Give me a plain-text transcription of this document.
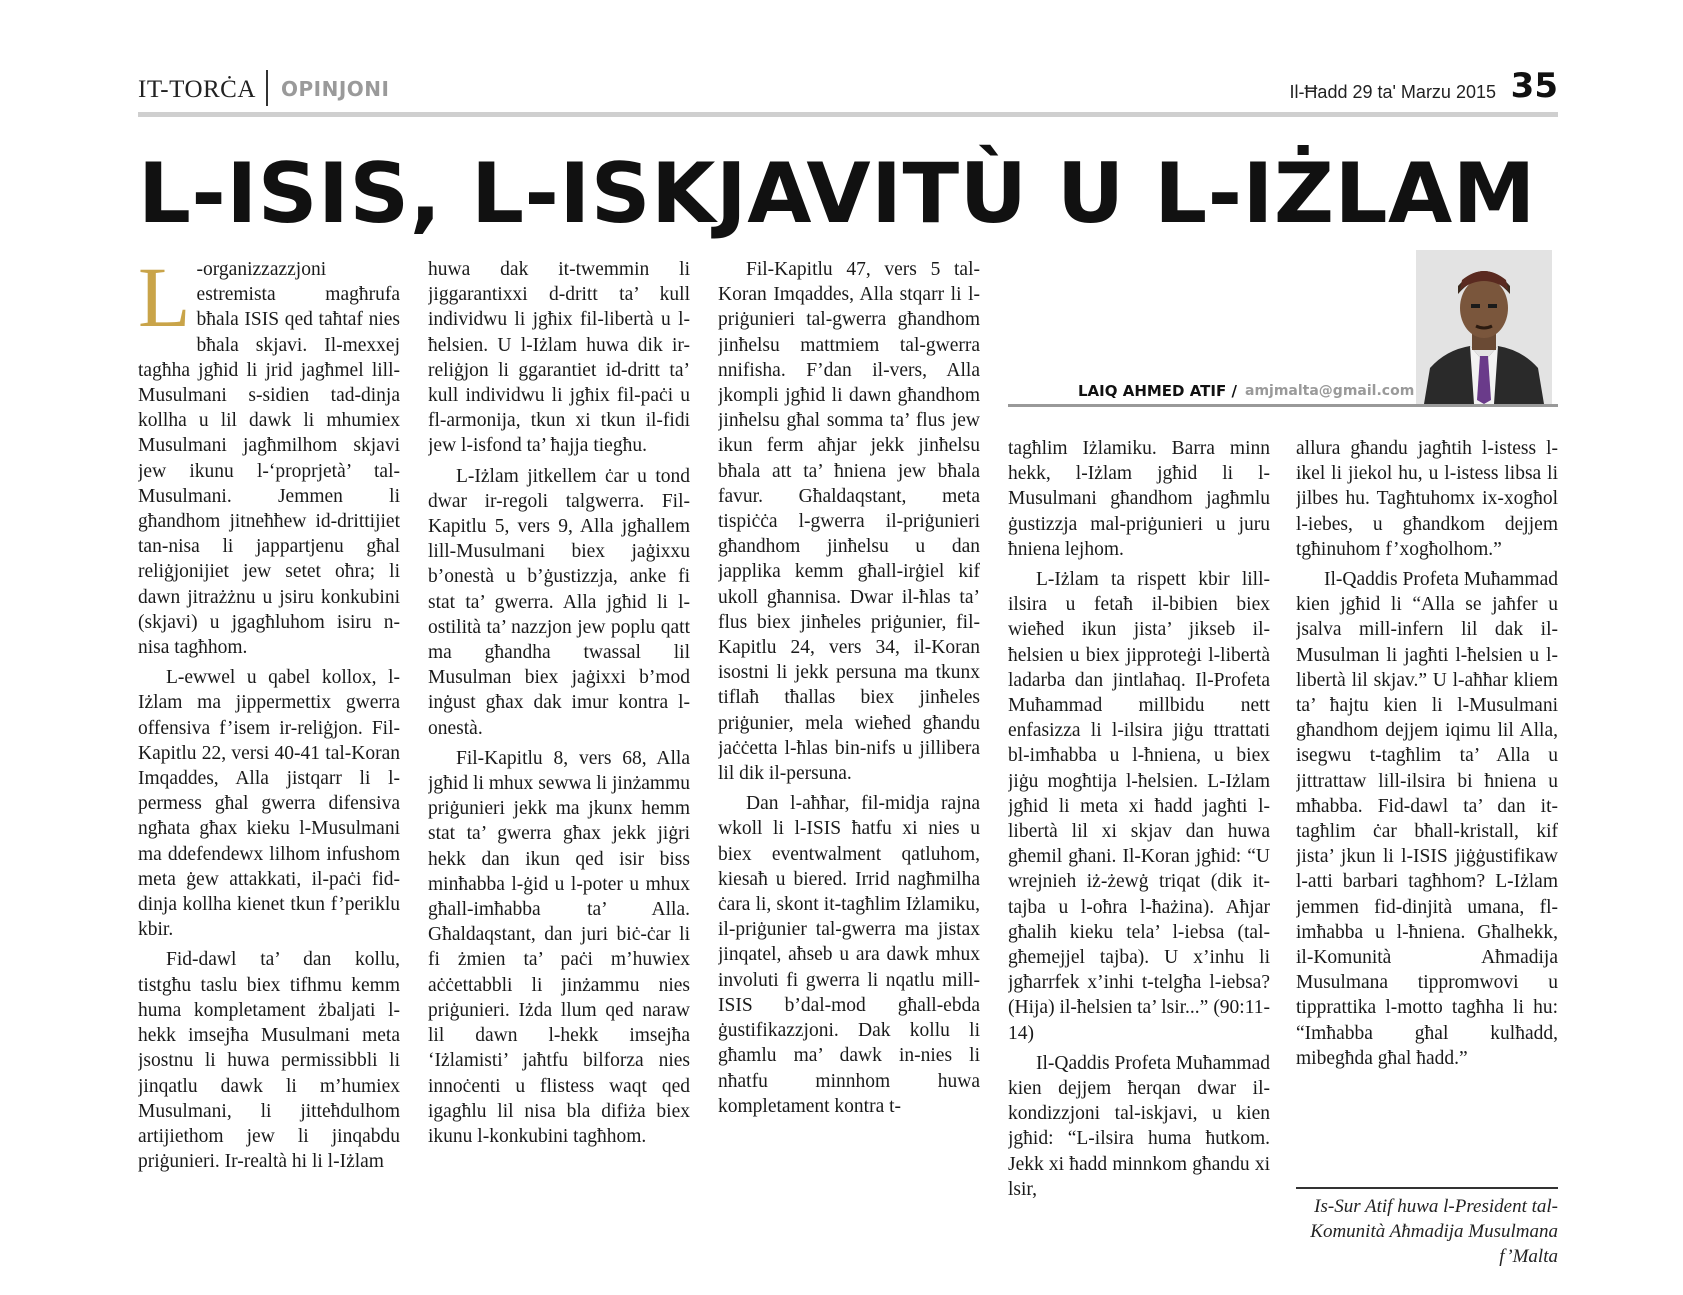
IT-TORĊA OPINJONI	Il-Ħadd 29 ta' Marzu 2015 35
L-ISIS, L-ISKJAVITÙ U L-IŻLAM
LAIQ AHMED ATIF / amjmalta@gmail.com

L -organizzazzjoni estremista magħrufa bħala ISIS qed taħtaf nies bħala skjavi. Il-mexxej tagħha jgħid li jrid jagħmel lill-Musulmani s-sidien tad-dinja kollha u lil dawk li mhumiex Musulmani jagħmilhom skjavi jew ikunu l-‘proprjetà’ tal-Musulmani. Jemmen li għandhom jitneħħew id-drittijiet tan-nisa li jappartjenu għal reliġjonijiet jew setet oħra; li dawn jitrażżnu u jsiru konkubini (skjavi) u jgagħluhom isiru n-nisa tagħhom.

L-ewwel u qabel kollox, l-Iżlam ma jippermettix gwerra offensiva f’isem ir-reliġjon. Fil-Kapitlu 22, versi 40-41 tal-Koran Imqaddes, Alla jistqarr li l-permess għal gwerra difensiva ngħata għax kieku l-Musulmani ma ddefendewx lilhom infushom meta ġew attakkati, il-paċi fid-dinja kollha kienet tkun f’periklu kbir.

Fid-dawl ta’ dan kollu, tistgħu taslu biex tifhmu kemm huma kompletament żbaljati l-hekk imsejħa Musulmani meta jsostnu li huwa permissibbli li jinqatlu dawk li m’humiex Musulmani, li jitteħdulhom artijiethom jew li jinqabdu priġunieri. Ir-realtà hi li l-Iżlam

huwa dak it-twemmin li jiggarantixxi d-dritt ta’ kull individwu li jgħix fil-libertà u l-ħelsien. U l-Iżlam huwa dik ir-reliġjon li ggarantiet id-dritt ta’ kull individwu li jgħix fil-paċi u fl-armonija, tkun xi tkun il-fidi jew l-isfond ta’ ħajja tiegħu.

L-Iżlam jitkellem ċar u tond dwar ir-regoli talgwerra. Fil-Kapitlu 5, vers 9, Alla jgħallem lill-Musulmani biex jaġixxu b’onestà u b’ġustizzja, anke fi stat ta’ gwerra. Alla jgħid li l-ostilità ta’ nazzjon jew poplu qatt ma għandha twassal lil Musulman biex jaġixxi b’mod inġust għax dak imur kontra l-onestà.

Fil-Kapitlu 8, vers 68, Alla jgħid li mhux sewwa li jinżammu priġunieri jekk ma jkunx hemm stat ta’ gwerra għax jekk jiġri hekk dan ikun qed isir biss minħabba l-ġid u l-poter u mhux għall-imħabba ta’ Alla. Għaldaqstant, dan juri biċ-ċar li fi żmien ta’ paċi m’huwiex aċċettabbli li jinżammu nies priġunieri. Iżda llum qed naraw lil dawn l-hekk imsejħa ‘Iżlamisti’ jaħtfu bilforza nies innoċenti u flistess waqt qed igagħlu lil nisa bla difiża biex ikunu l-konkubini tagħhom.

Fil-Kapitlu 47, vers 5 tal-Koran Imqaddes, Alla stqarr li l-priġunieri tal-gwerra għandhom jinħelsu mattmiem tal-gwerra nnifisha. F’dan il-vers, Alla jkompli jgħid li dawn għandhom jinħelsu għal somma ta’ flus jew ikun ferm aħjar jekk jinħelsu bħala att ta’ ħniena jew bħala favur. Għaldaqstant, meta tispiċċa l-gwerra il-priġunieri għandhom jinħelsu u dan japplika kemm għall-irġiel kif ukoll għannisa. Dwar il-ħlas ta’ flus biex jinħeles priġunier, fil-Kapitlu 24, vers 34, il-Koran isostni li jekk persuna ma tkunx tiflaħ tħallas biex jinħeles priġunier, mela wieħed għandu jaċċetta l-ħlas bin-nifs u jillibera lil dik il-persuna.

Dan l-aħħar, fil-midja rajna wkoll li l-ISIS ħatfu xi nies u biex eventwalment qatluhom, kiesaħ u biered. Irrid nagħmilha ċara li, skont it-tagħlim Iżlamiku, il-priġunier tal-gwerra ma jistax jinqatel, aħseb u ara dawk mhux involuti fi gwerra li nqatlu mill-ISIS b’dal-mod għall-ebda ġustifikazzjoni. Dak kollu li għamlu ma’ dawk in-nies li nħatfu minnhom huwa kompletament kontra t-

tagħlim Iżlamiku. Barra minn hekk, l-Iżlam jgħid li l-Musulmani għandhom jagħmlu ġustizzja mal-priġunieri u juru ħniena lejhom.

L-Iżlam ta rispett kbir lill-ilsira u fetaħ il-bibien biex wieħed ikun jista’ jikseb il-ħelsien u biex jipproteġi l-libertà ladarba dan jintlaħaq. Il-Profeta Muħammad millbidu nett enfasizza li l-ilsira jiġu ttrattati bl-imħabba u l-ħniena, u biex jiġu mogħtija l-ħelsien. L-Iżlam jgħid li meta xi ħadd jagħti l-libertà lil xi skjav dan huwa għemil għani. Il-Koran jgħid: “U wrejnieh iż-żewġ triqat (dik it-tajba u l-oħra l-ħażina). Aħjar għalih kieku tela’ l-iebsa (tal-għemejjel tajba). U x’inhu li jgħarrfek x’inhi t-telgħa l-iebsa? (Hija) il-ħelsien ta’ lsir...” (90:11-14)

Il-Qaddis Profeta Muħammad kien dejjem ħerqan dwar il-kondizzjoni tal-iskjavi, u kien jgħid: “L-ilsira huma ħutkom. Jekk xi ħadd minnkom għandu xi lsir,

allura għandu jagħtih l-istess l-ikel li jiekol hu, u l-istess libsa li jilbes hu. Tagħtuhomx ix-xogħol l-iebes, u għandkom dejjem tgħinuhom f’xogħolhom.”

Il-Qaddis Profeta Muħammad kien jgħid li “Alla se jaħfer u jsalva mill-infern lil dak il-Musulman li jagħti l-ħelsien u l-libertà lil skjav.” U l-aħħar kliem ta’ ħajtu kien li l-Musulmani għandhom dejjem iqimu lil Alla, isegwu t-tagħlim ta’ Alla u jittrattaw lill-ilsira bi ħniena u mħabba. Fid-dawl ta’ dan it-tagħlim ċar bħall-kristall, kif jista’ jkun li l-ISIS jiġġustifikaw l-atti barbari tagħhom? L-Iżlam jemmen fid-dinjità umana, fl-imħabba u l-ħniena. Għalhekk, il-Komunità Aħmadija Musulmana tippromwovi u tipprattika l-motto tagħha li hu: “Imħabba għal kulħadd, mibegħda għal ħadd.”

Is-Sur Atif huwa l-President tal-Komunità Aħmadija Musulmana f’Malta
